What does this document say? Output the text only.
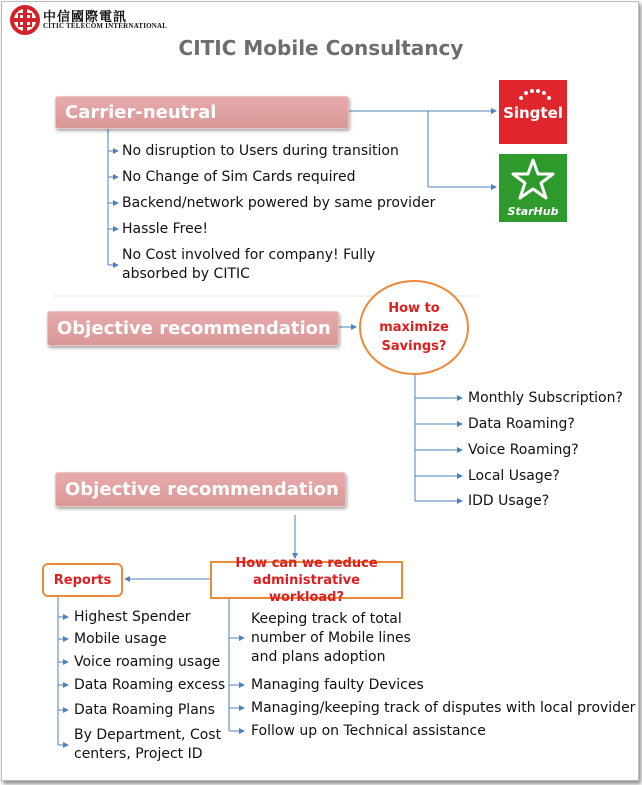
中信國際電訊
CITIC TELECOM INTERNATIONAL
CITIC Mobile Consultancy
Carrier-neutral
No disruption to Users during transition
No Change of Sim Cards required
Backend/network powered by same provider
Hassle Free!
No Cost involved for company! Fully absorbed by CITIC
Singtel
StarHub
Objective recommendation
How to maximize Savings?
Monthly Subscription?
Data Roaming?
Voice Roaming?
Local Usage?
IDD Usage?
Objective recommendation
How can we reduce administrative workload?
Reports
Highest Spender
Mobile usage
Voice roaming usage
Data Roaming excess
Data Roaming Plans
By Department, Cost centers, Project ID
Keeping track of total number of Mobile lines and plans adoption
Managing faulty Devices
Managing/keeping track of disputes with local provider
Follow up on Technical assistance
